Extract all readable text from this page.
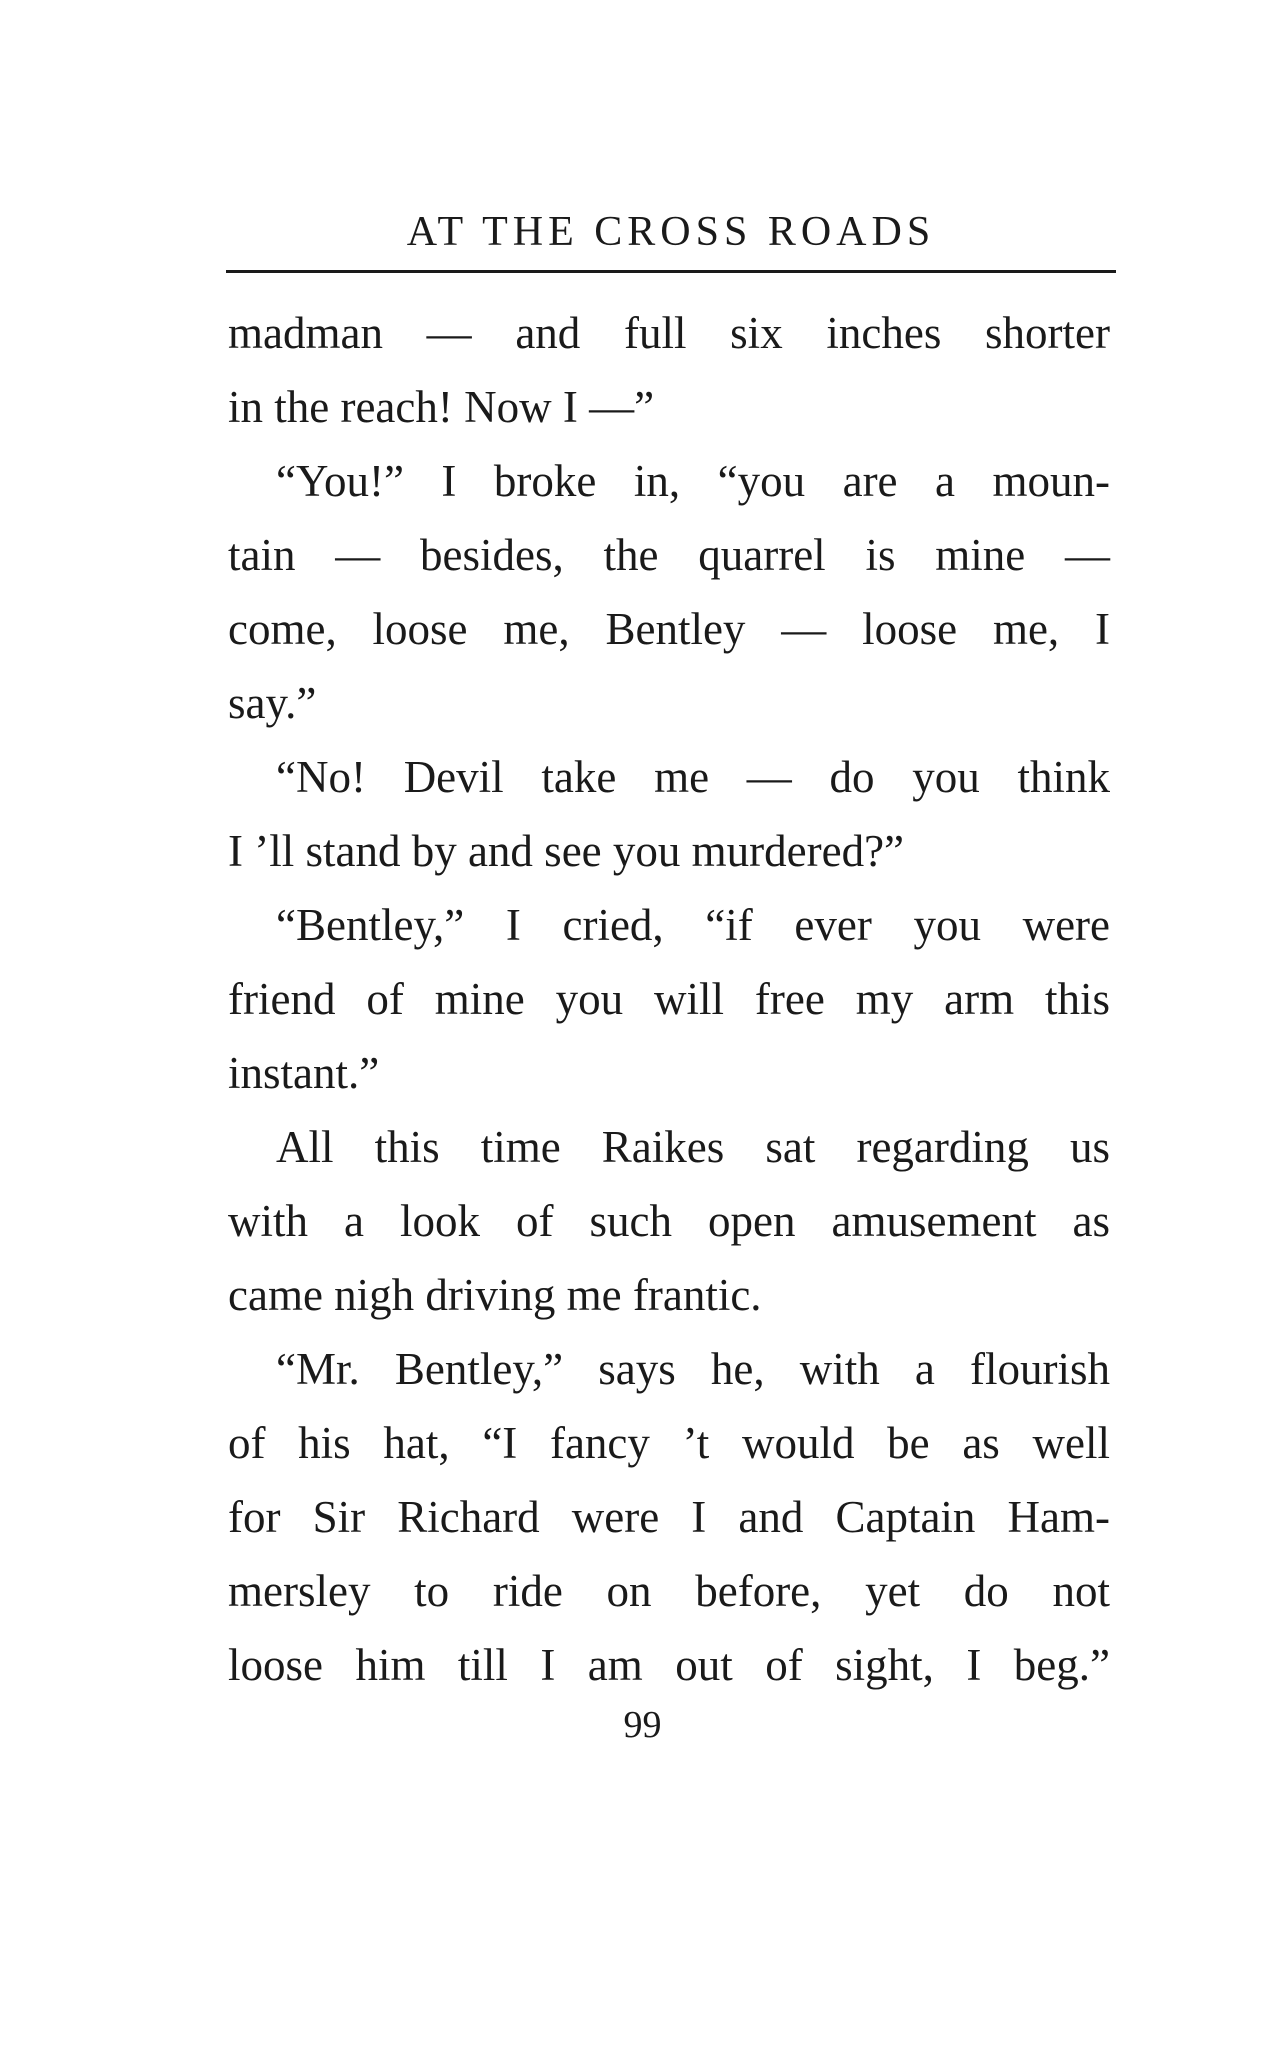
AT THE CROSS ROADS
madman — and full six inches shorter
in the reach! Now I —”
“You!” I broke in, “you are a moun-
tain — besides, the quarrel is mine —
come, loose me, Bentley — loose me, I
say.”
“No! Devil take me — do you think
I ’ll stand by and see you murdered?”
“Bentley,” I cried, “if ever you were
friend of mine you will free my arm this
instant.”
All this time Raikes sat regarding us
with a look of such open amusement as
came nigh driving me frantic.
“Mr. Bentley,” says he, with a flourish
of his hat, “I fancy ’t would be as well
for Sir Richard were I and Captain Ham-
mersley to ride on before, yet do not
loose him till I am out of sight, I beg.”
99
